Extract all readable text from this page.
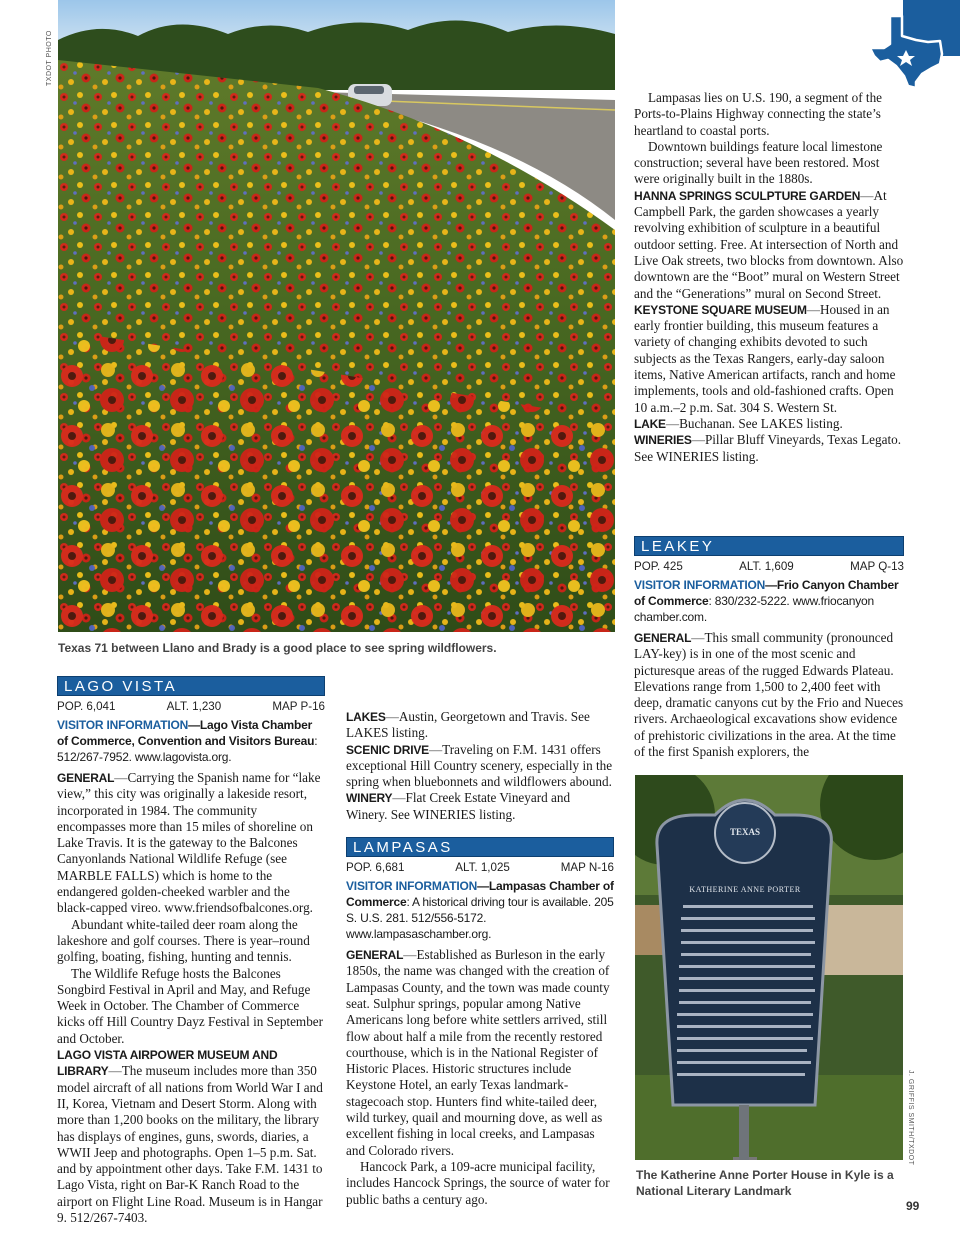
TXDOT PHOTO
Texas 71 between Llano and Brady is a good place to see spring wildflowers.
LAGO VISTA
POP. 6,041	ALT. 1,230	MAP P-16

VISITOR INFORMATION—Lago Vista Chamber of Commerce, Convention and Visitors Bureau: 512/267-7952. www.lagovista.org.

GENERAL—Carrying the Spanish name for “lake view,” this city was originally a lakeside resort, incorporated in 1984. The community encompasses more than 15 miles of shoreline on Lake Travis. It is the gateway to the Balcones Canyonlands National Wildlife Refuge (see MARBLE FALLS) which is home to the endangered golden-cheeked warbler and the black-capped vireo. www.friendsofbalcones.org.

Abundant white-tailed deer roam along the lakeshore and golf courses. There is year–round golfing, boating, fishing, hunting and tennis.

The Wildlife Refuge hosts the Balcones Songbird Festival in April and May, and Refuge Week in October. The Chamber of Commerce kicks off Hill Country Dayz Festival in September and October.

LAGO VISTA AIRPOWER MUSEUM AND LIBRARY—The museum includes more than 350 model aircraft of all nations from World War I and II, Korea, Vietnam and Desert Storm. Along with more than 1,200 books on the military, the library has displays of engines, guns, swords, diaries, a WWII Jeep and photographs. Open 1–5 p.m. Sat. and by appointment other days. Take F.M. 1431 to Lago Vista, right on Bar-K Ranch Road to the airport on Flight Line Road. Museum is in Hangar 9. 512/267-7403.

LAKES—Austin, Georgetown and Travis. See LAKES listing.

SCENIC DRIVE—Traveling on F.M. 1431 offers exceptional Hill Country scenery, especially in the spring when bluebonnets and wildflowers abound.

WINERY—Flat Creek Estate Vineyard and Winery. See WINERIES listing.

LAMPASAS
POP. 6,681	ALT. 1,025	MAP N-16

VISITOR INFORMATION—Lampasas Chamber of Commerce: A historical driving tour is available. 205 S. U.S. 281. 512/556-5172. www.lampasaschamber.org.

GENERAL—Established as Burleson in the early 1850s, the name was changed with the creation of Lampasas County, and the town was made county seat. Sulphur springs, popular among Native Americans long before white settlers arrived, still flow about half a mile from the recently restored courthouse, which is in the National Register of Historic Places. Historic structures include Keystone Hotel, an early Texas landmark-stagecoach stop. Hunters find white-tailed deer, wild turkey, quail and mourning dove, as well as excellent fishing in local creeks, and Lampasas and Colorado rivers.

Hancock Park, a 109-acre municipal facility, includes Hancock Springs, the source of water for public baths a century ago.

Lampasas lies on U.S. 190, a segment of the Ports-to-Plains Highway connecting the state’s heartland to coastal ports.

Downtown buildings feature local limestone construction; several have been restored. Most were originally built in the 1880s.

HANNA SPRINGS SCULPTURE GARDEN—At Campbell Park, the garden showcases a yearly revolving exhibition of sculpture in a beautiful outdoor setting. Free. At intersection of North and Live Oak streets, two blocks from downtown. Also downtown are the “Boot” mural on Western Street and the “Generations” mural on Second Street.

KEYSTONE SQUARE MUSEUM—Housed in an early frontier building, this museum features a variety of changing exhibits devoted to such subjects as the Texas Rangers, early-day saloon items, Native American artifacts, ranch and home implements, tools and old-fashioned crafts. Open 10 a.m.–2 p.m. Sat. 304 S. Western St.

LAKE—Buchanan. See LAKES listing.

WINERIES—Pillar Bluff Vineyards, Texas Legato. See WINERIES listing.

LEAKEY
POP. 425	ALT. 1,609	MAP Q-13

VISITOR INFORMATION—Frio Canyon Chamber of Commerce: 830/232-5222. www.friocanyon chamber.com.

GENERAL—This small community (pronounced LAY-key) is in one of the most scenic and picturesque areas of the rugged Edwards Plateau. Elevations range from 1,500 to 2,400 feet with deep, dramatic canyons cut by the Frio and Nueces rivers. Archaeological excavations show evidence of prehistoric civilizations in the area. At the time of the first Spanish explorers, the

TEXAS
KATHERINE ANNE PORTER
J. GRIFFIS SMITH/TXDOT
The Katherine Anne Porter House in Kyle is a
National Literary Landmark
99
